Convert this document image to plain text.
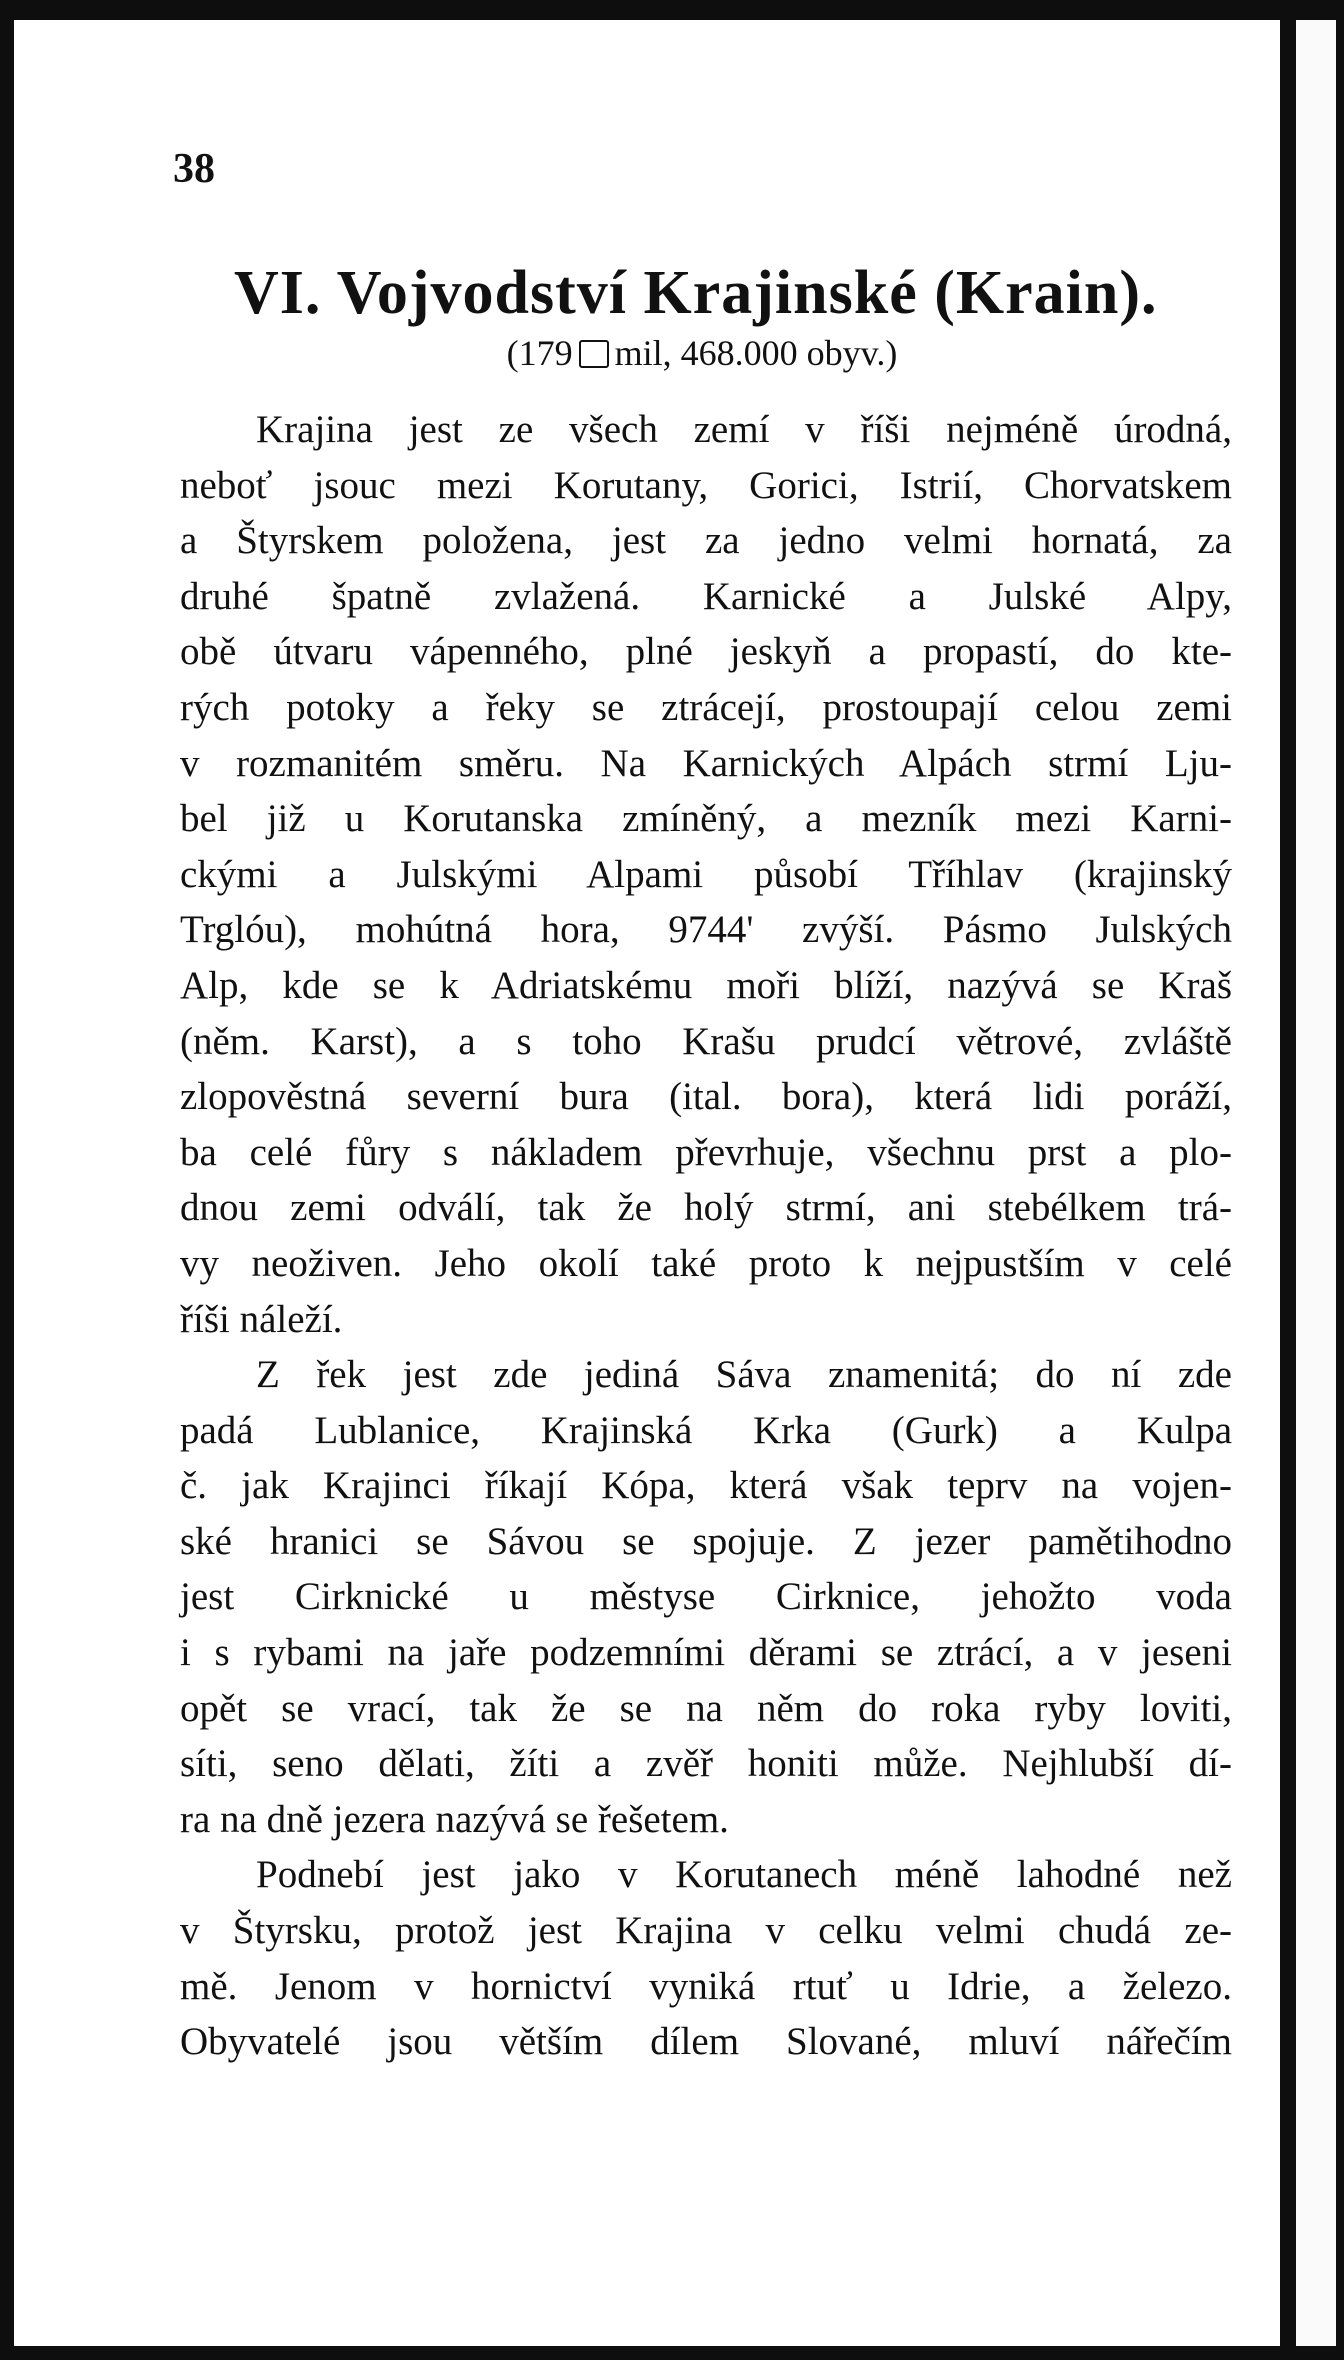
38
VI. Vojvodství Krajinské (Krain).
(179 mil, 468.000 obyv.)
Krajina jest ze všech zemí v říši nejméně úrodná,
neboť jsouc mezi Korutany, Gorici, Istrií, Chorvatskem
a Štyrskem položena, jest za jedno velmi hornatá, za
druhé špatně zvlažená. Karnické a Julské Alpy,
obě útvaru vápenného, plné jeskyň a propastí, do kte-
rých potoky a řeky se ztrácejí, prostoupají celou zemi
v rozmanitém směru. Na Karnických Alpách strmí Lju-
bel již u Korutanska zmíněný, a mezník mezi Karni-
ckými a Julskými Alpami působí Tříhlav (krajinský
Trglóu), mohútná hora, 9744' zvýší. Pásmo Julských
Alp, kde se k Adriatskému moři blíží, nazývá se Kraš
(něm. Karst), a s toho Krašu prudcí větrové, zvláště
zlopověstná severní bura (ital. bora), která lidi poráží,
ba celé fůry s nákladem převrhuje, všechnu prst a plo-
dnou zemi odválí, tak že holý strmí, ani stebélkem trá-
vy neoživen. Jeho okolí také proto k nejpustším v celé
říši náleží.
Z řek jest zde jediná Sáva znamenitá; do ní zde
padá Lublanice, Krajinská Krka (Gurk) a Kulpa
č. jak Krajinci říkají Kópa, která však teprv na vojen-
ské hranici se Sávou se spojuje. Z jezer pamětihodno
jest Cirknické u městyse Cirknice, jehožto voda
i s rybami na jaře podzemními děrami se ztrácí, a v jeseni
opět se vrací, tak že se na něm do roka ryby loviti,
síti, seno dělati, žíti a zvěř honiti může. Nejhlubší dí-
ra na dně jezera nazývá se řešetem.
Podnebí jest jako v Korutanech méně lahodné než
v Štyrsku, protož jest Krajina v celku velmi chudá ze-
mě. Jenom v hornictví vyniká rtuť u Idrie, a železo.
Obyvatelé jsou větším dílem Slované, mluví nářečím
